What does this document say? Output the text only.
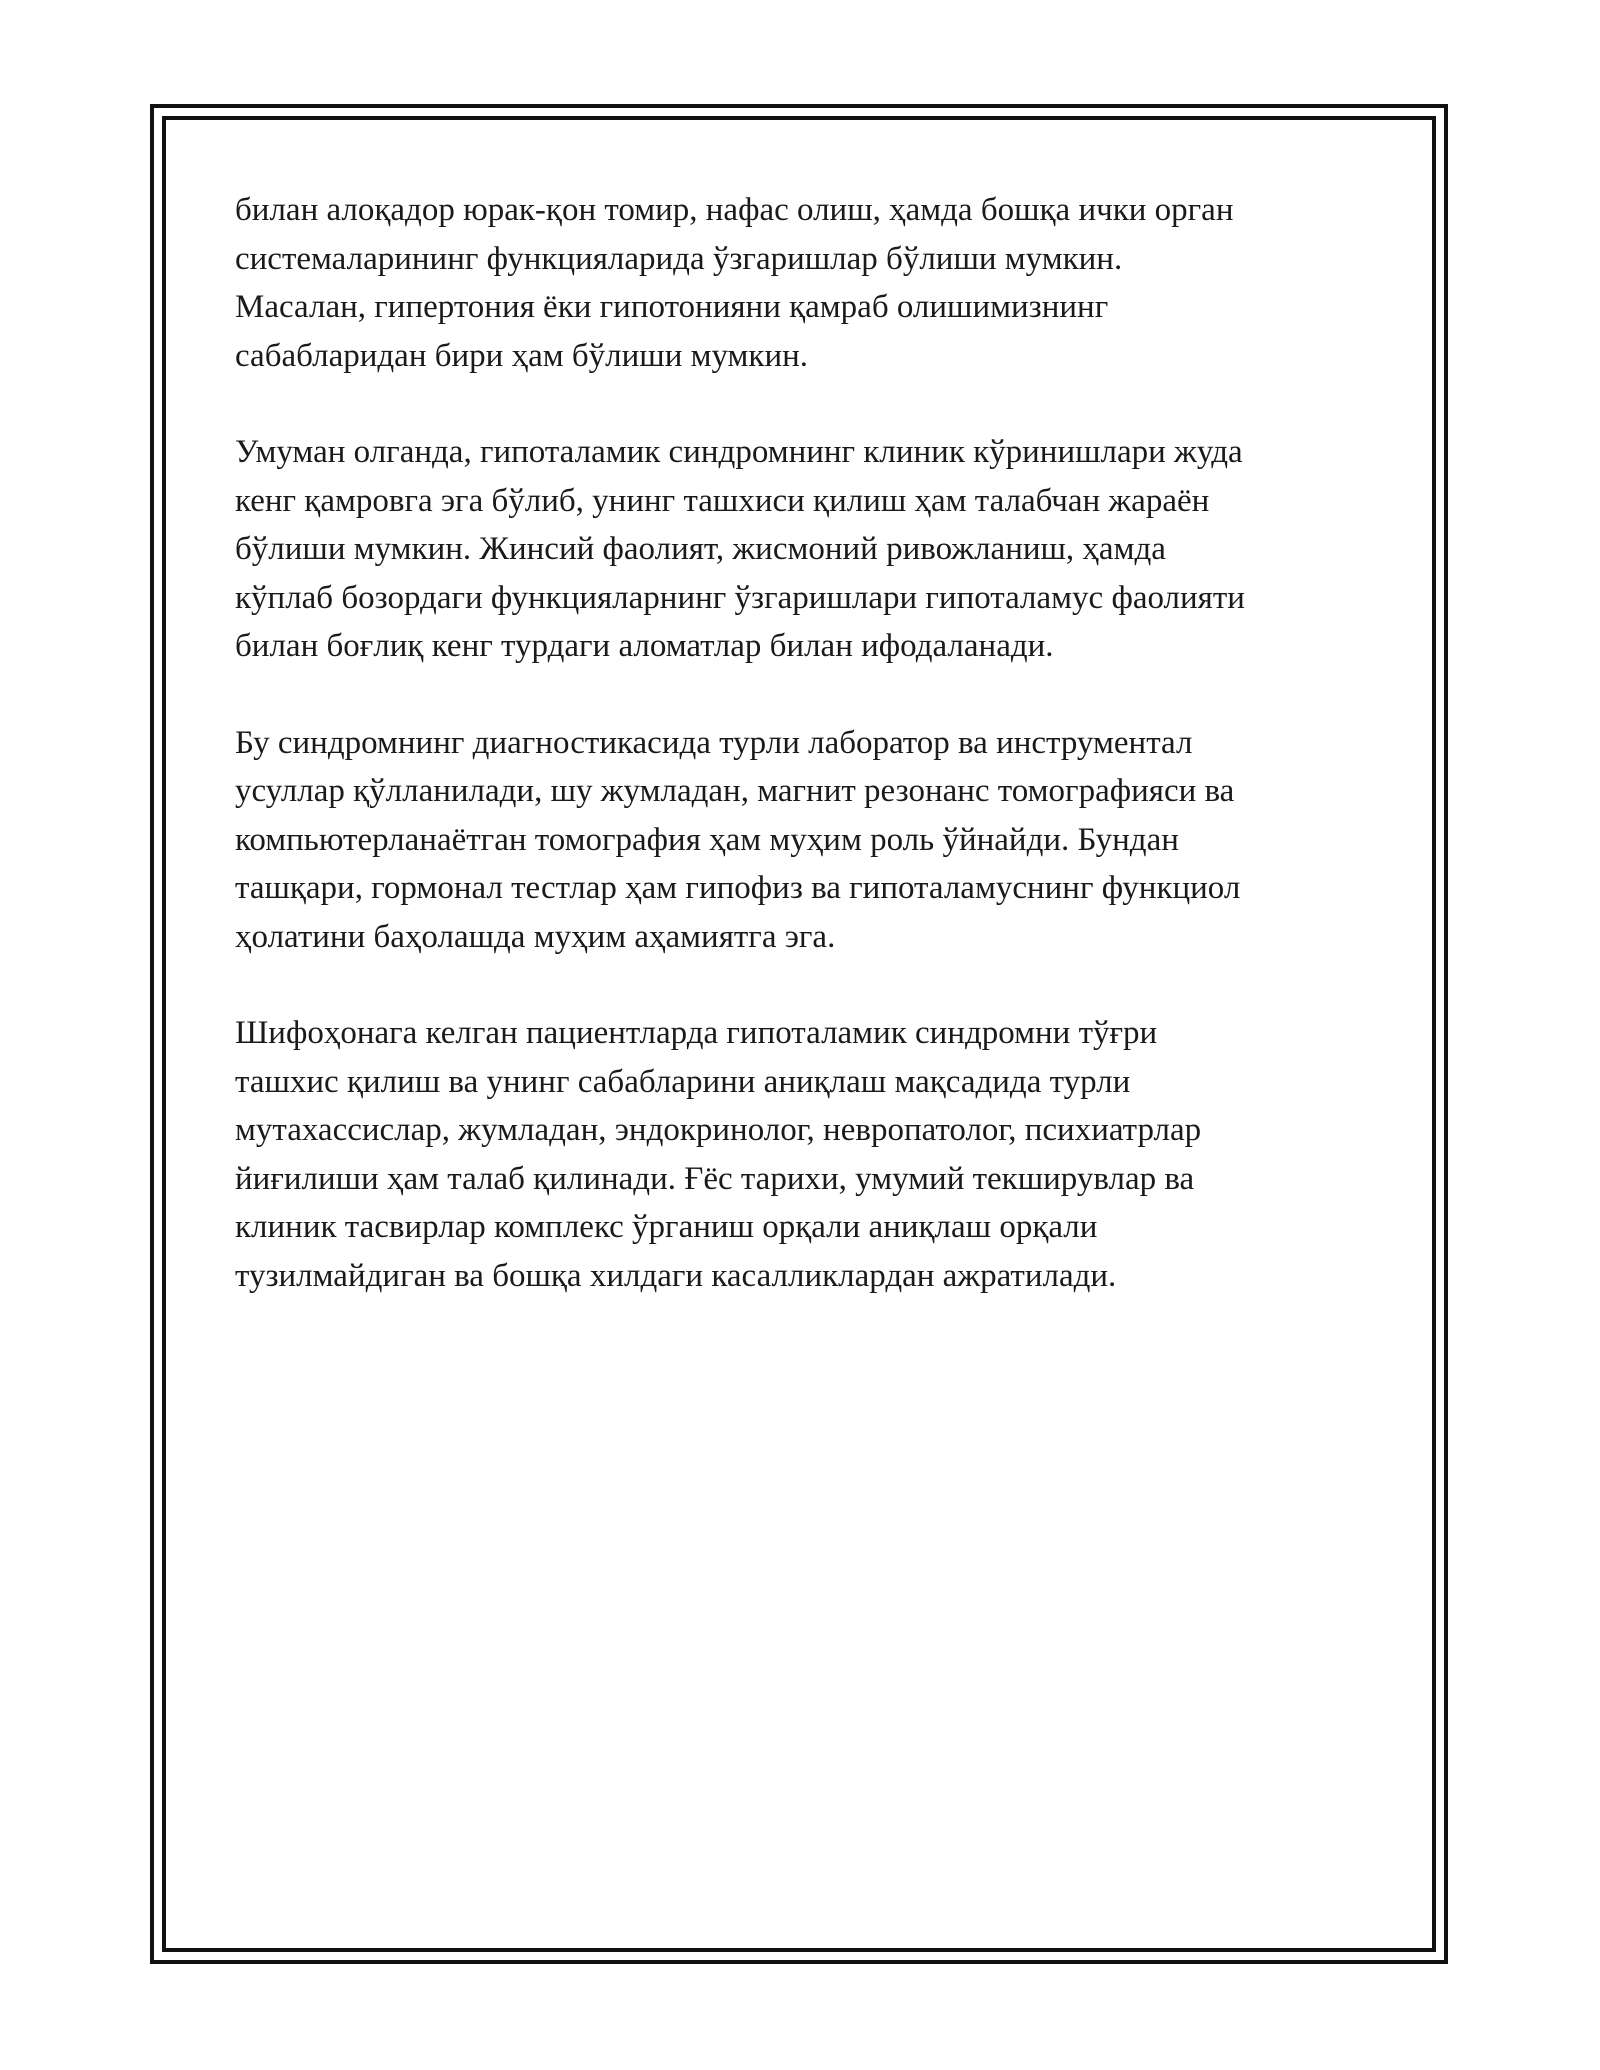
билан алоқадор юрак-қон томир, нафас олиш, ҳамда бошқа ички орган
системаларининг функцияларида ўзгаришлар бўлиши мумкин.
Масалан, гипертония ёки гипотонияни қамраб олишимизнинг
сабабларидан бири ҳам бўлиши мумкин.

Умуман олганда, гипоталамик синдромнинг клиник кўринишлари жуда
кенг қамровга эга бўлиб, унинг ташхиси қилиш ҳам талабчан жараён
бўлиши мумкин. Жинсий фаолият, жисмоний ривожланиш, ҳамда
кўплаб бозордаги функцияларнинг ўзгаришлари гипоталамус фаолияти
билан боғлиқ кенг турдаги аломатлар билан ифодаланади.

Бу синдромнинг диагностикасида турли лаборатор ва инструментал
усуллар қўлланилади, шу жумладан, магнит резонанс томографияси ва
компьютерланаётган томография ҳам муҳим роль ўйнайди. Бундан
ташқари, гормонал тестлар ҳам гипофиз ва гипоталамуснинг функциол
ҳолатини баҳолашда муҳим аҳамиятга эга.

Шифоҳонага келган пациентларда гипоталамик синдромни тўғри
ташхис қилиш ва унинг сабабларини аниқлаш мақсадида турли
мутахассислар, жумладан, эндокринолог, невропатолог, психиатрлар
йиғилиши ҳам талаб қилинади. Ғёс тарихи, умумий текширувлар ва
клиник тасвирлар комплекс ўрганиш орқали аниқлаш орқали
тузилмайдиган ва бошқа хилдаги касалликлардан ажратилади.
